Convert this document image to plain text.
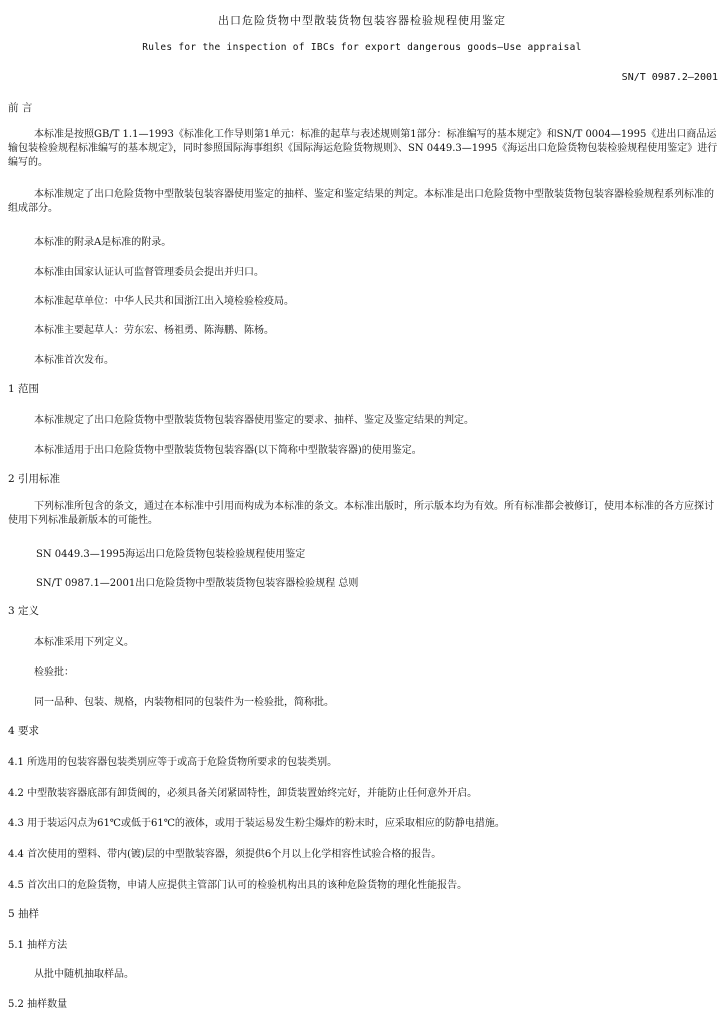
出口危险货物中型散装货物包装容器检验规程使用鉴定
Rules for the inspection of IBCs for export dangerous goods—Use appraisal
SN/T 0987.2—2001
前 言
本标准是按照GB/T 1.1—1993《标准化工作导则第1单元：标准的起草与表述规则第1部分：标准编写的基本规定》和SN/T 0004—1995《进出口商品运输包装检验规程标准编写的基本规定》，同时参照国际海事组织《国际海运危险货物规则》、SN 0449.3—1995《海运出口危险货物包装检验规程使用鉴定》进行编写的。
本标准规定了出口危险货物中型散装包装容器使用鉴定的抽样、鉴定和鉴定结果的判定。本标准是出口危险货物中型散装货物包装容器检验规程系列标准的组成部分。
本标准的附录A是标准的附录。
本标准由国家认证认可监督管理委员会提出并归口。
本标准起草单位：中华人民共和国浙江出入境检验检疫局。
本标准主要起草人：劳东宏、杨祖勇、陈海鹏、陈杨。
本标准首次发布。
1 范围
本标准规定了出口危险货物中型散装货物包装容器使用鉴定的要求、抽样、鉴定及鉴定结果的判定。
本标准适用于出口危险货物中型散装货物包装容器(以下简称中型散装容器)的使用鉴定。
2 引用标准
下列标准所包含的条文，通过在本标准中引用而构成为本标准的条文。本标准出版时，所示版本均为有效。所有标准都会被修订，使用本标准的各方应探讨使用下列标准最新版本的可能性。
SN 0449.3—1995海运出口危险货物包装检验规程使用鉴定
SN/T 0987.1—2001出口危险货物中型散装货物包装容器检验规程 总则
3 定义
本标准采用下列定义。
检验批：
同一品种、包装、规格，内装物相同的包装件为一检验批，简称批。
4 要求
4.1 所选用的包装容器包装类别应等于或高于危险货物所要求的包装类别。
4.2 中型散装容器底部有卸货阀的，必须具备关闭紧固特性，卸货装置始终完好，并能防止任何意外开启。
4.3 用于装运闪点为61℃或低于61℃的液体，或用于装运易发生粉尘爆炸的粉末时，应采取相应的防静电措施。
4.4 首次使用的塑料、带内(镀)层的中型散装容器，须提供6个月以上化学相容性试验合格的报告。
4.5 首次出口的危险货物，申请人应提供主管部门认可的检验机构出具的该种危险货物的理化性能报告。
5 抽样
5.1 抽样方法
从批中随机抽取样品。
5.2 抽样数量
